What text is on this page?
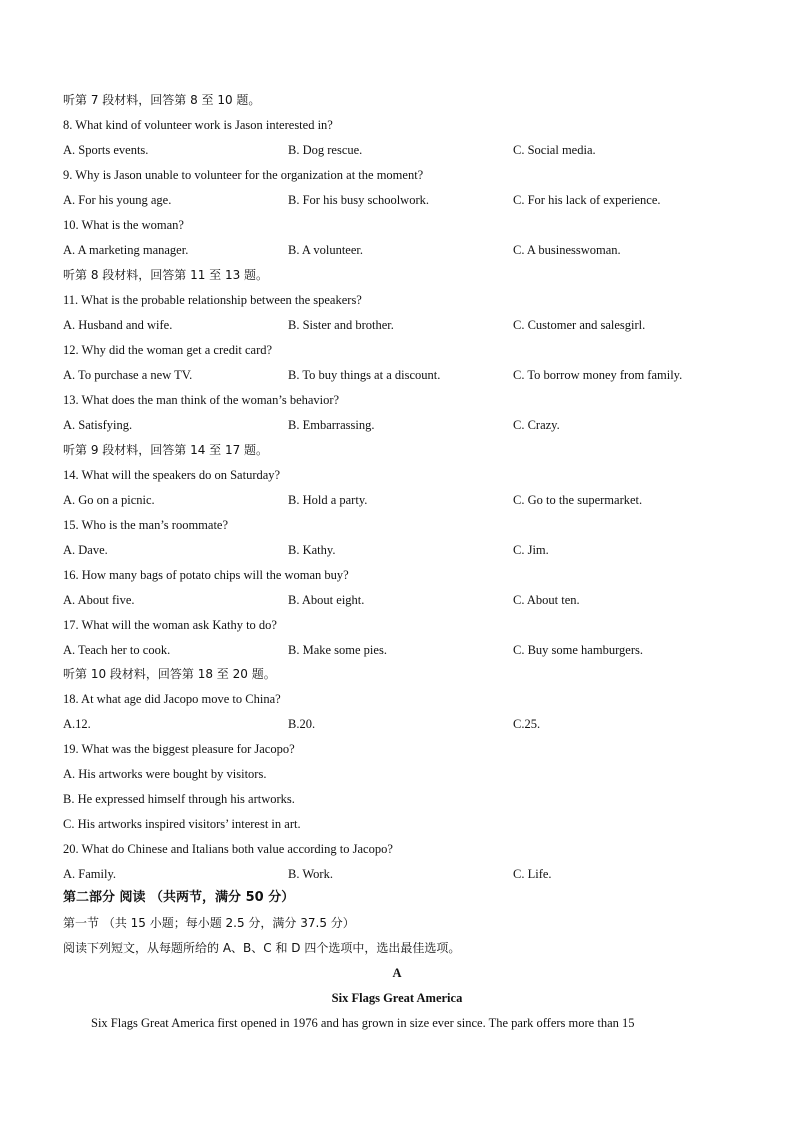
听第 7 段材料，回答第 8 至 10 题。
8. What kind of volunteer work is Jason interested in?
A. Sports events.	B. Dog rescue.	C. Social media.
9. Why is Jason unable to volunteer for the organization at the moment?
A. For his young age.	B. For his busy schoolwork.	C. For his lack of experience.
10. What is the woman?
A. A marketing manager.	B. A volunteer.	C. A businesswoman.
听第 8 段材料，回答第 11 至 13 题。
11. What is the probable relationship between the speakers?
A. Husband and wife.	B. Sister and brother.	C. Customer and salesgirl.
12. Why did the woman get a credit card?
A. To purchase a new TV.	B. To buy things at a discount.	C. To borrow money from family.
13. What does the man think of the woman’s behavior?
A. Satisfying.	B. Embarrassing.	C. Crazy.
听第 9 段材料，回答第 14 至 17 题。
14. What will the speakers do on Saturday?
A. Go on a picnic.	B. Hold a party.	C. Go to the supermarket.
15. Who is the man’s roommate?
A. Dave.	B. Kathy.	C. Jim.
16. How many bags of potato chips will the woman buy?
A. About five.	B. About eight.	C. About ten.
17. What will the woman ask Kathy to do?
A. Teach her to cook.	B. Make some pies.	C. Buy some hamburgers.
听第 10 段材料，回答第 18 至 20 题。
18. At what age did Jacopo move to China?
A.12.	B.20.	C.25.
19. What was the biggest pleasure for Jacopo?
A. His artworks were bought by visitors.
B. He expressed himself through his artworks.
C. His artworks inspired visitors’ interest in art.
20. What do Chinese and Italians both value according to Jacopo?
A. Family.	B. Work.	C. Life.
第二部分 阅读 （共两节，满分 50 分）
第一节 （共 15 小题；每小题 2.5 分，满分 37.5 分）
阅读下列短文，从每题所给的 A、B、C 和 D 四个选项中，选出最佳选项。
A
Six Flags Great America
Six Flags Great America first opened in 1976 and has grown in size ever since. The park offers more than 15
